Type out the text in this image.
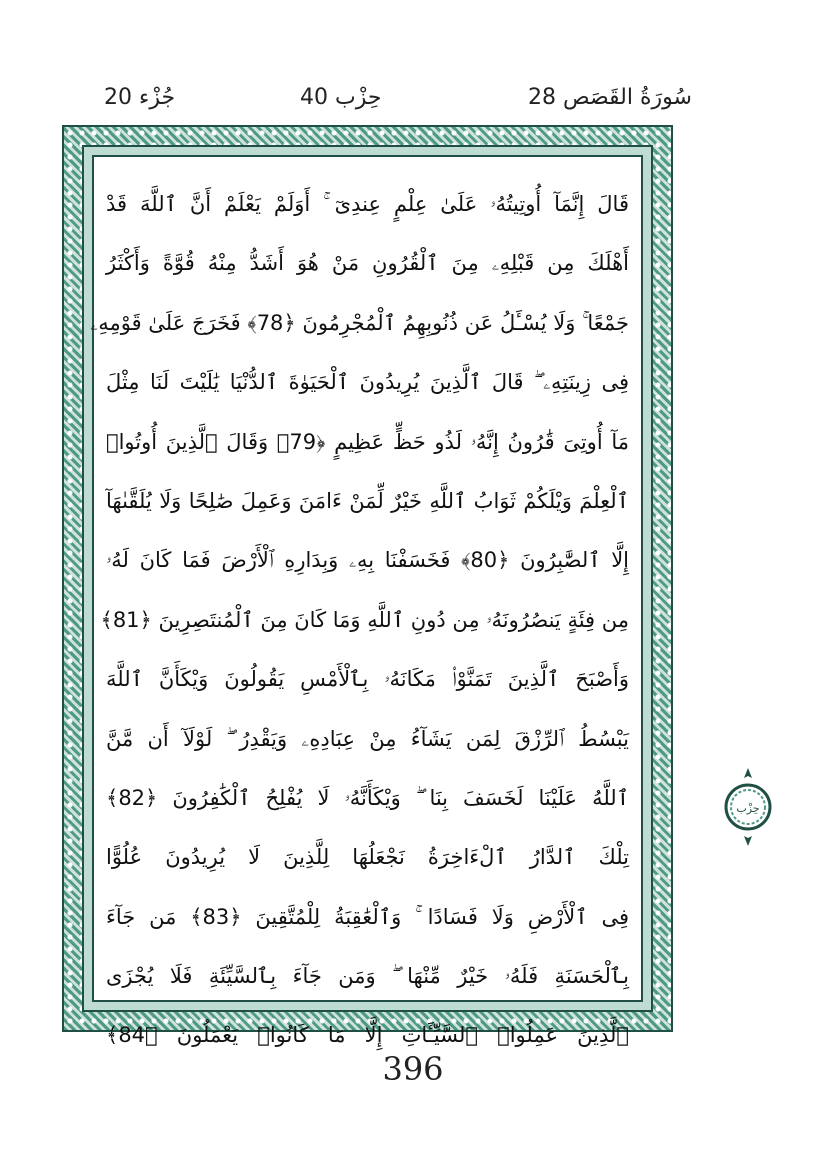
جُزْء 20	حِزْب 40	28 سُورَةُ القَصَص
قَالَ إِنَّمَآ أُوتِيتُهُۥ عَلَىٰ عِلْمٍ عِندِىٓ ۚ أَوَلَمْ يَعْلَمْ أَنَّ ٱللَّهَ قَدْ
أَهْلَكَ مِن قَبْلِهِۦ مِنَ ٱلْقُرُونِ مَنْ هُوَ أَشَدُّ مِنْهُ قُوَّةً وَأَكْثَرُ
جَمْعًا ۚ وَلَا يُسْـَٔلُ عَن ذُنُوبِهِمُ ٱلْمُجْرِمُونَ ﴿78﴾ فَخَرَجَ عَلَىٰ قَوْمِهِۦ
فِى زِينَتِهِۦ ۖ قَالَ ٱلَّذِينَ يُرِيدُونَ ٱلْحَيَوٰةَ ٱلدُّنْيَا يَٰلَيْتَ لَنَا مِثْلَ
مَآ أُوتِىَ قَٰرُونُ إِنَّهُۥ لَذُو حَظٍّ عَظِيمٍ ﴿79﴾ وَقَالَ ٱلَّذِينَ أُوتُوا۟
ٱلْعِلْمَ وَيْلَكُمْ ثَوَابُ ٱللَّهِ خَيْرٌ لِّمَنْ ءَامَنَ وَعَمِلَ صَٰلِحًا وَلَا يُلَقَّىٰهَآ
إِلَّا ٱلصَّٰبِرُونَ ﴿80﴾ فَخَسَفْنَا بِهِۦ وَبِدَارِهِ ٱلْأَرْضَ فَمَا كَانَ لَهُۥ
مِن فِئَةٍ يَنصُرُونَهُۥ مِن دُونِ ٱللَّهِ وَمَا كَانَ مِنَ ٱلْمُنتَصِرِينَ ﴿81﴾
وَأَصْبَحَ ٱلَّذِينَ تَمَنَّوْا۟ مَكَانَهُۥ بِٱلْأَمْسِ يَقُولُونَ وَيْكَأَنَّ ٱللَّهَ
يَبْسُطُ ٱلرِّزْقَ لِمَن يَشَآءُ مِنْ عِبَادِهِۦ وَيَقْدِرُ ۖ لَوْلَآ أَن مَّنَّ
ٱللَّهُ عَلَيْنَا لَخَسَفَ بِنَا ۖ وَيْكَأَنَّهُۥ لَا يُفْلِحُ ٱلْكَٰفِرُونَ ﴿82﴾
تِلْكَ ٱلدَّارُ ٱلْءَاخِرَةُ نَجْعَلُهَا لِلَّذِينَ لَا يُرِيدُونَ عُلُوًّا
فِى ٱلْأَرْضِ وَلَا فَسَادًا ۚ وَٱلْعَٰقِبَةُ لِلْمُتَّقِينَ ﴿83﴾ مَن جَآءَ
بِٱلْحَسَنَةِ فَلَهُۥ خَيْرٌ مِّنْهَا ۖ وَمَن جَآءَ بِٱلسَّيِّئَةِ فَلَا يُجْزَى
ٱلَّذِينَ عَمِلُوا۟ ٱلسَّيِّـَٔاتِ إِلَّا مَا كَانُوا۟ يَعْمَلُونَ ﴿84﴾
حِزْب
396
